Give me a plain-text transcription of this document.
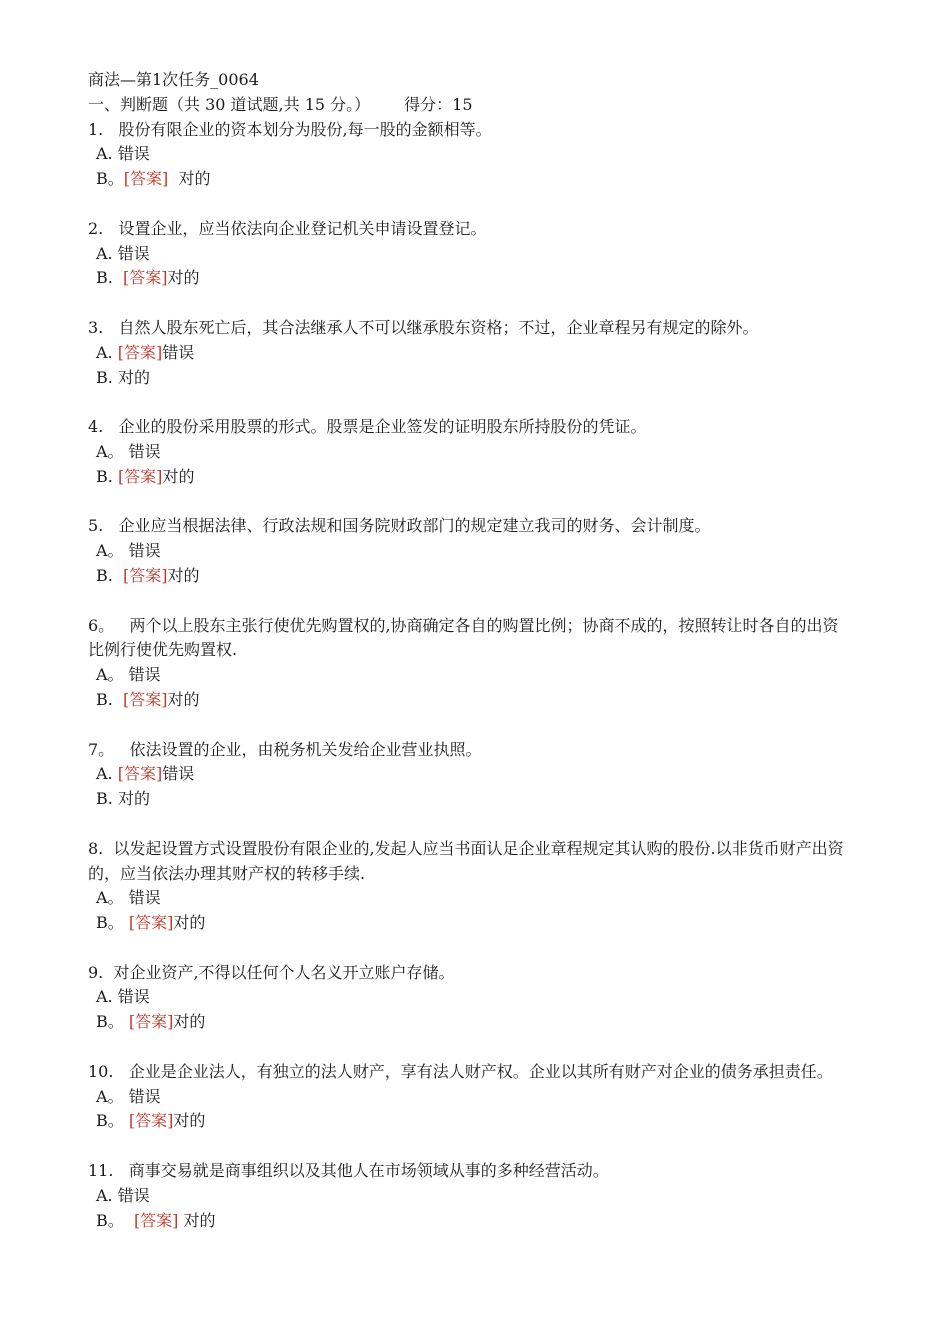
商法—第1次任务_0064
一、判断题（共 30 道试题,共 15 分。） 得分：15
1. 股份有限企业的资本划分为股份,每一股的金额相等。
A. 错误
B。[答案]  对的
2. 设置企业，应当依法向企业登记机关申请设置登记。
A. 错误
B.  [答案]对的
3. 自然人股东死亡后，其合法继承人不可以继承股东资格；不过，企业章程另有规定的除外。
A. [答案]错误
B. 对的
4. 企业的股份采用股票的形式。股票是企业签发的证明股东所持股份的凭证。
A。 错误
B. [答案]对的
5. 企业应当根据法律、行政法规和国务院财政部门的规定建立我司的财务、会计制度。
A。 错误
B.  [答案]对的
6。 两个以上股东主张行使优先购置权的,协商确定各自的购置比例；协商不成的，按照转让时各自的出资比例行使优先购置权.
A。 错误
B.  [答案]对的
7。 依法设置的企业，由税务机关发给企业营业执照。
A. [答案]错误
B. 对的
8. 以发起设置方式设置股份有限企业的,发起人应当书面认足企业章程规定其认购的股份.以非货币财产出资的，应当依法办理其财产权的转移手续.
A。 错误
B。 [答案]对的
9. 对企业资产,不得以任何个人名义开立账户存储。
A. 错误
B。 [答案]对的
10. 企业是企业法人，有独立的法人财产，享有法人财产权。企业以其所有财产对企业的债务承担责任。
A。 错误
B。 [答案]对的
11. 商事交易就是商事组织以及其他人在市场领域从事的多种经营活动。
A. 错误
B。  [答案] 对的
